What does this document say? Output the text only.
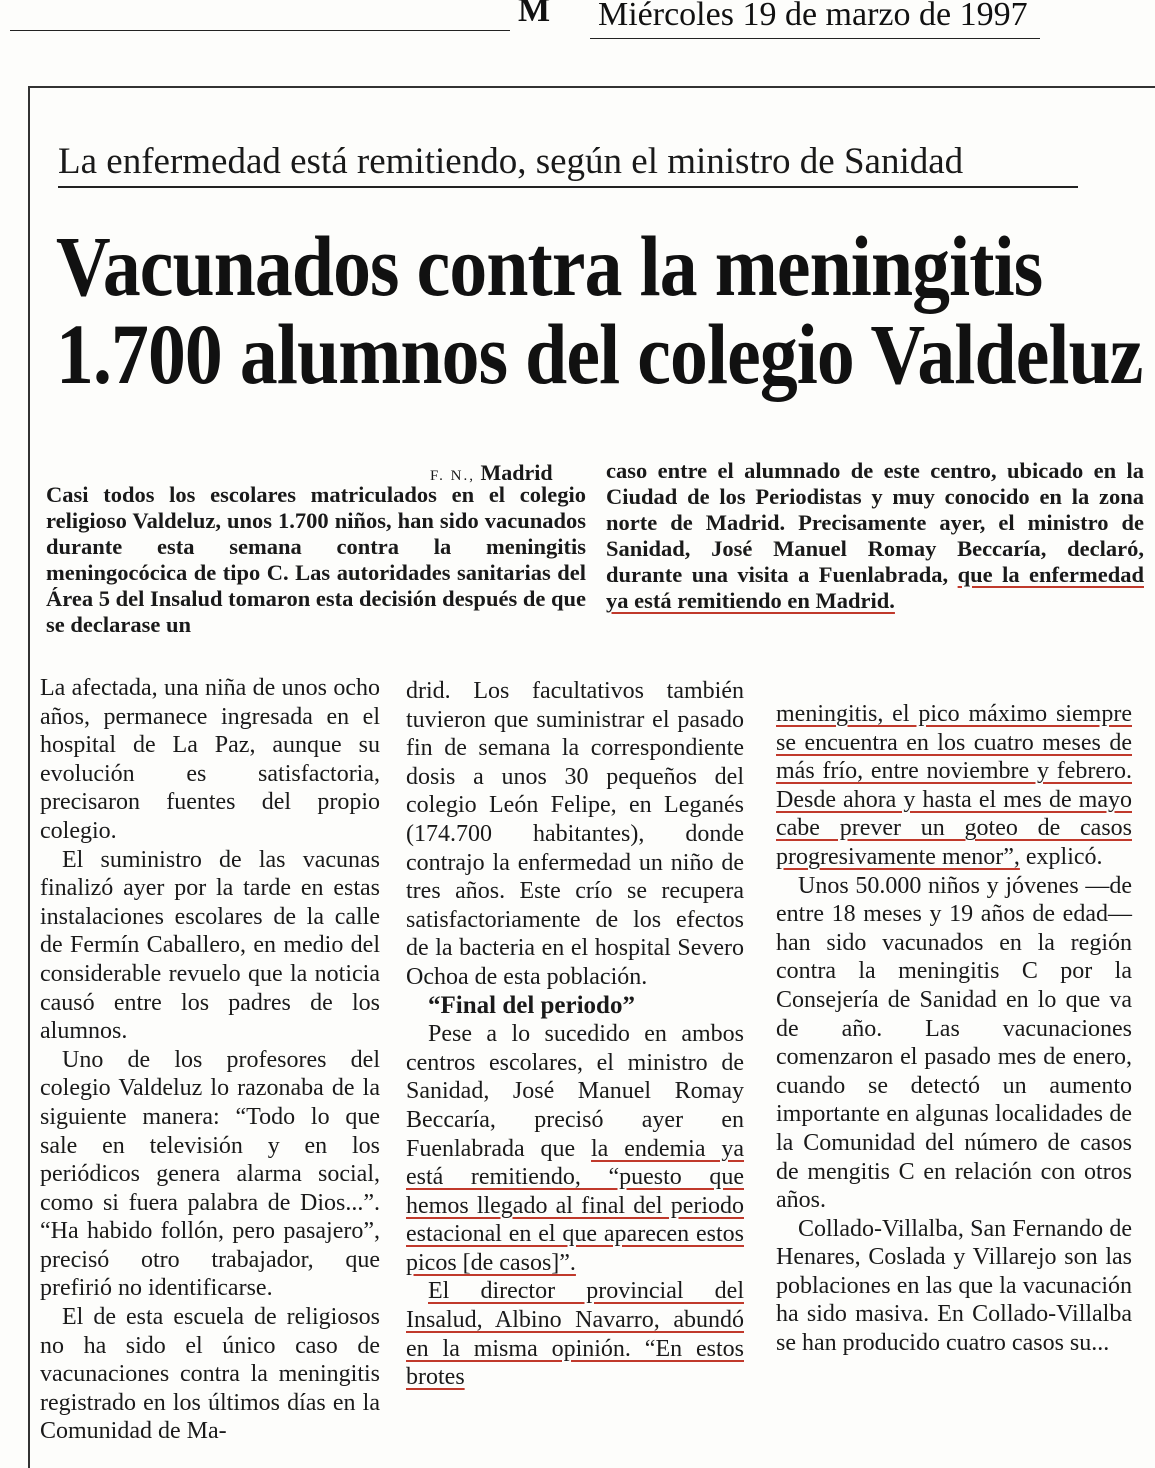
M Miércoles 19 de marzo de 1997
La enfermedad está remitiendo, según el ministro de Sanidad
Vacunados contra la meningitis
1.700 alumnos del colegio Valdeluz
F. N., Madrid
Casi todos los escolares matriculados en el colegio religioso Valdeluz, unos 1.700 niños, han sido vacunados durante esta semana contra la meningitis meningocócica de tipo C. Las autoridades sanitarias del Área 5 del Insalud tomaron esta decisión después de que se declarase un
caso entre el alumnado de este centro, ubicado en la Ciudad de los Periodistas y muy conocido en la zona norte de Madrid. Precisamente ayer, el ministro de Sanidad, José Manuel Romay Beccaría, declaró, durante una visita a Fuenlabrada, que la enfermedad ya está remitiendo en Madrid.

La afectada, una niña de unos ocho años, permanece ingresada en el hospital de La Paz, aunque su evolución es satisfactoria, precisaron fuentes del propio colegio.

El suministro de las vacunas finalizó ayer por la tarde en estas instalaciones escolares de la calle de Fermín Caballero, en medio del considerable revuelo que la noticia causó entre los padres de los alumnos.

Uno de los profesores del colegio Valdeluz lo razonaba de la siguiente manera: “Todo lo que sale en televisión y en los periódicos genera alarma social, como si fuera palabra de Dios...”. “Ha habido follón, pero pasajero”, precisó otro trabajador, que prefirió no identificarse.

El de esta escuela de religiosos no ha sido el único caso de vacunaciones contra la meningitis registrado en los últimos días en la Comunidad de Ma-

drid. Los facultativos también tuvieron que suministrar el pasado fin de semana la correspondiente dosis a unos 30 pequeños del colegio León Felipe, en Leganés (174.700 habitantes), donde contrajo la enfermedad un niño de tres años. Este crío se recupera satisfactoriamente de los efectos de la bacteria en el hospital Severo Ochoa de esta población.

“Final del periodo”

Pese a lo sucedido en ambos centros escolares, el ministro de Sanidad, José Manuel Romay Beccaría, precisó ayer en Fuenlabrada que la endemia ya está remitiendo, “puesto que hemos llegado al final del periodo estacional en el que aparecen estos picos [de casos]”.

El director provincial del Insalud, Albino Navarro, abundó en la misma opinión. “En estos brotes

meningitis, el pico máximo siempre se encuentra en los cuatro meses de más frío, entre noviembre y febrero. Desde ahora y hasta el mes de mayo cabe prever un goteo de casos progresivamente menor”, explicó.

Unos 50.000 niños y jóvenes —de entre 18 meses y 19 años de edad— han sido vacunados en la región contra la meningitis C por la Consejería de Sanidad en lo que va de año. Las vacunaciones comenzaron el pasado mes de enero, cuando se detectó un aumento importante en algunas localidades de la Comunidad del número de casos de mengitis C en relación con otros años.

Collado-Villalba, San Fernando de Henares, Coslada y Villarejo son las poblaciones en las que la vacunación ha sido masiva. En Collado-Villalba se han producido cuatro casos su...
